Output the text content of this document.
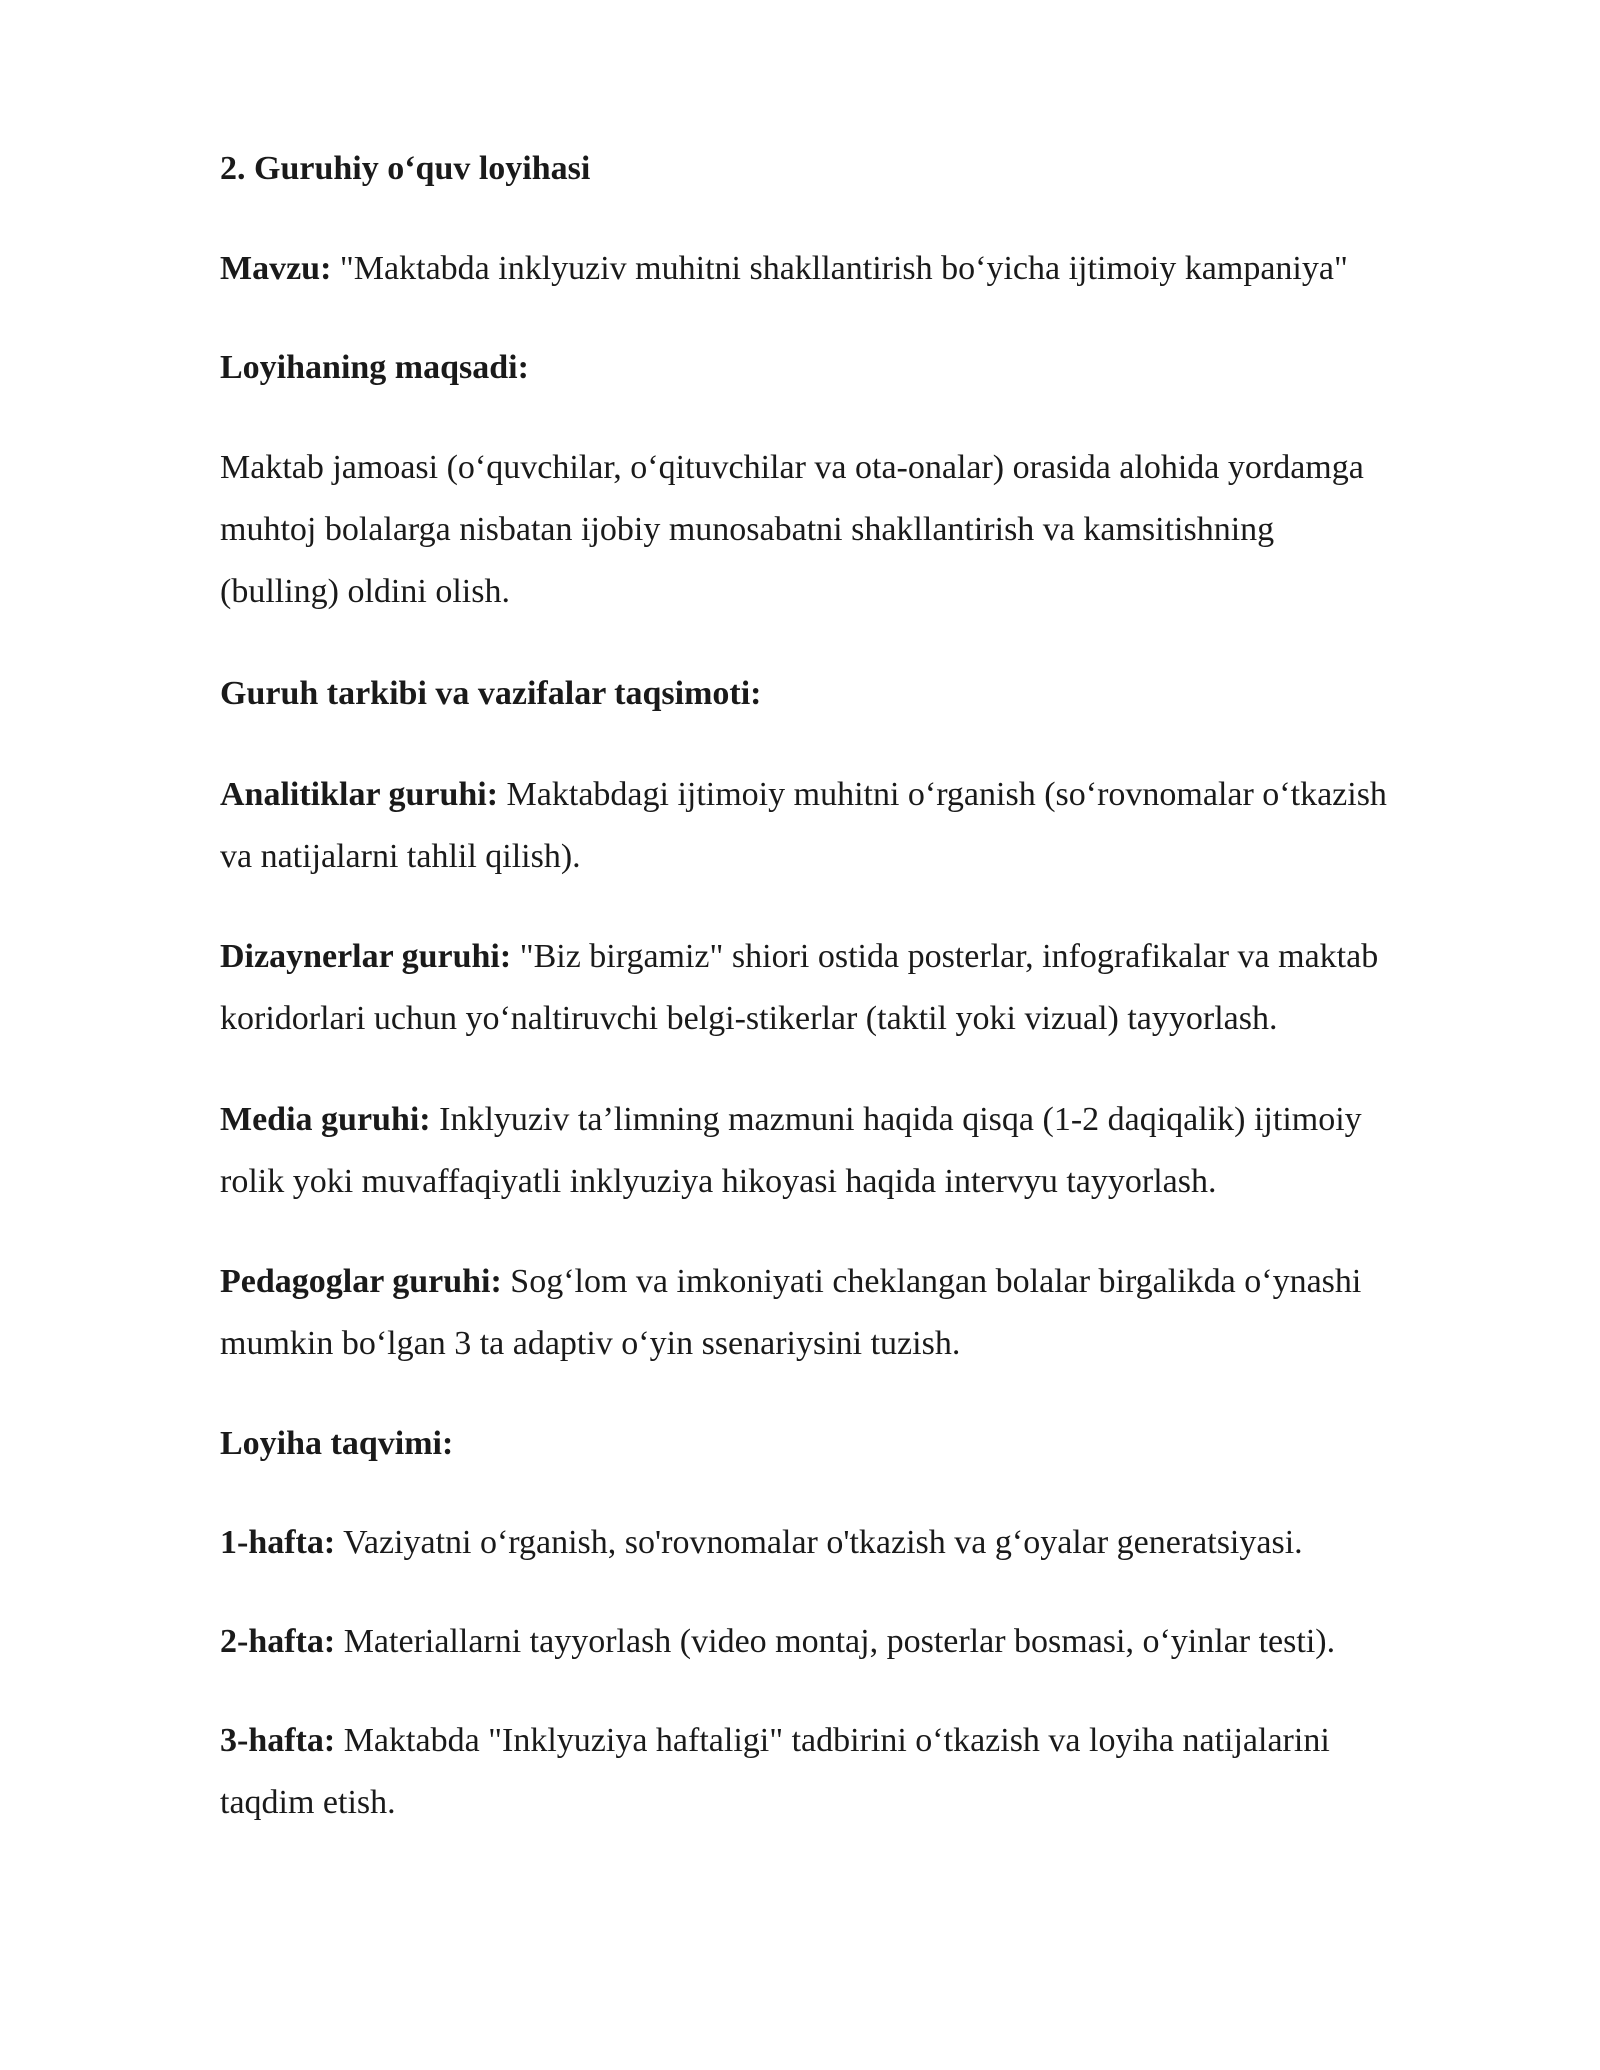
2. Guruhiy o‘quv loyihasi

Mavzu: "Maktabda inklyuziv muhitni shakllantirish bo‘yicha ijtimoiy kampaniya"

Loyihaning maqsadi:

Maktab jamoasi (o‘quvchilar, o‘qituvchilar va ota-onalar) orasida alohida yordamga

muhtoj bolalarga nisbatan ijobiy munosabatni shakllantirish va kamsitishning

(bulling) oldini olish.

Guruh tarkibi va vazifalar taqsimoti:

Analitiklar guruhi: Maktabdagi ijtimoiy muhitni o‘rganish (so‘rovnomalar o‘tkazish

va natijalarni tahlil qilish).

Dizaynerlar guruhi: "Biz birgamiz" shiori ostida posterlar, infografikalar va maktab

koridorlari uchun yo‘naltiruvchi belgi-stikerlar (taktil yoki vizual) tayyorlash.

Media guruhi: Inklyuziv ta’limning mazmuni haqida qisqa (1-2 daqiqalik) ijtimoiy

rolik yoki muvaffaqiyatli inklyuziya hikoyasi haqida intervyu tayyorlash.

Pedagoglar guruhi: Sog‘lom va imkoniyati cheklangan bolalar birgalikda o‘ynashi

mumkin bo‘lgan 3 ta adaptiv o‘yin ssenariysini tuzish.

Loyiha taqvimi:

1-hafta: Vaziyatni o‘rganish, so'rovnomalar o'tkazish va g‘oyalar generatsiyasi.

2-hafta: Materiallarni tayyorlash (video montaj, posterlar bosmasi, o‘yinlar testi).

3-hafta: Maktabda "Inklyuziya haftaligi" tadbirini o‘tkazish va loyiha natijalarini

taqdim etish.
